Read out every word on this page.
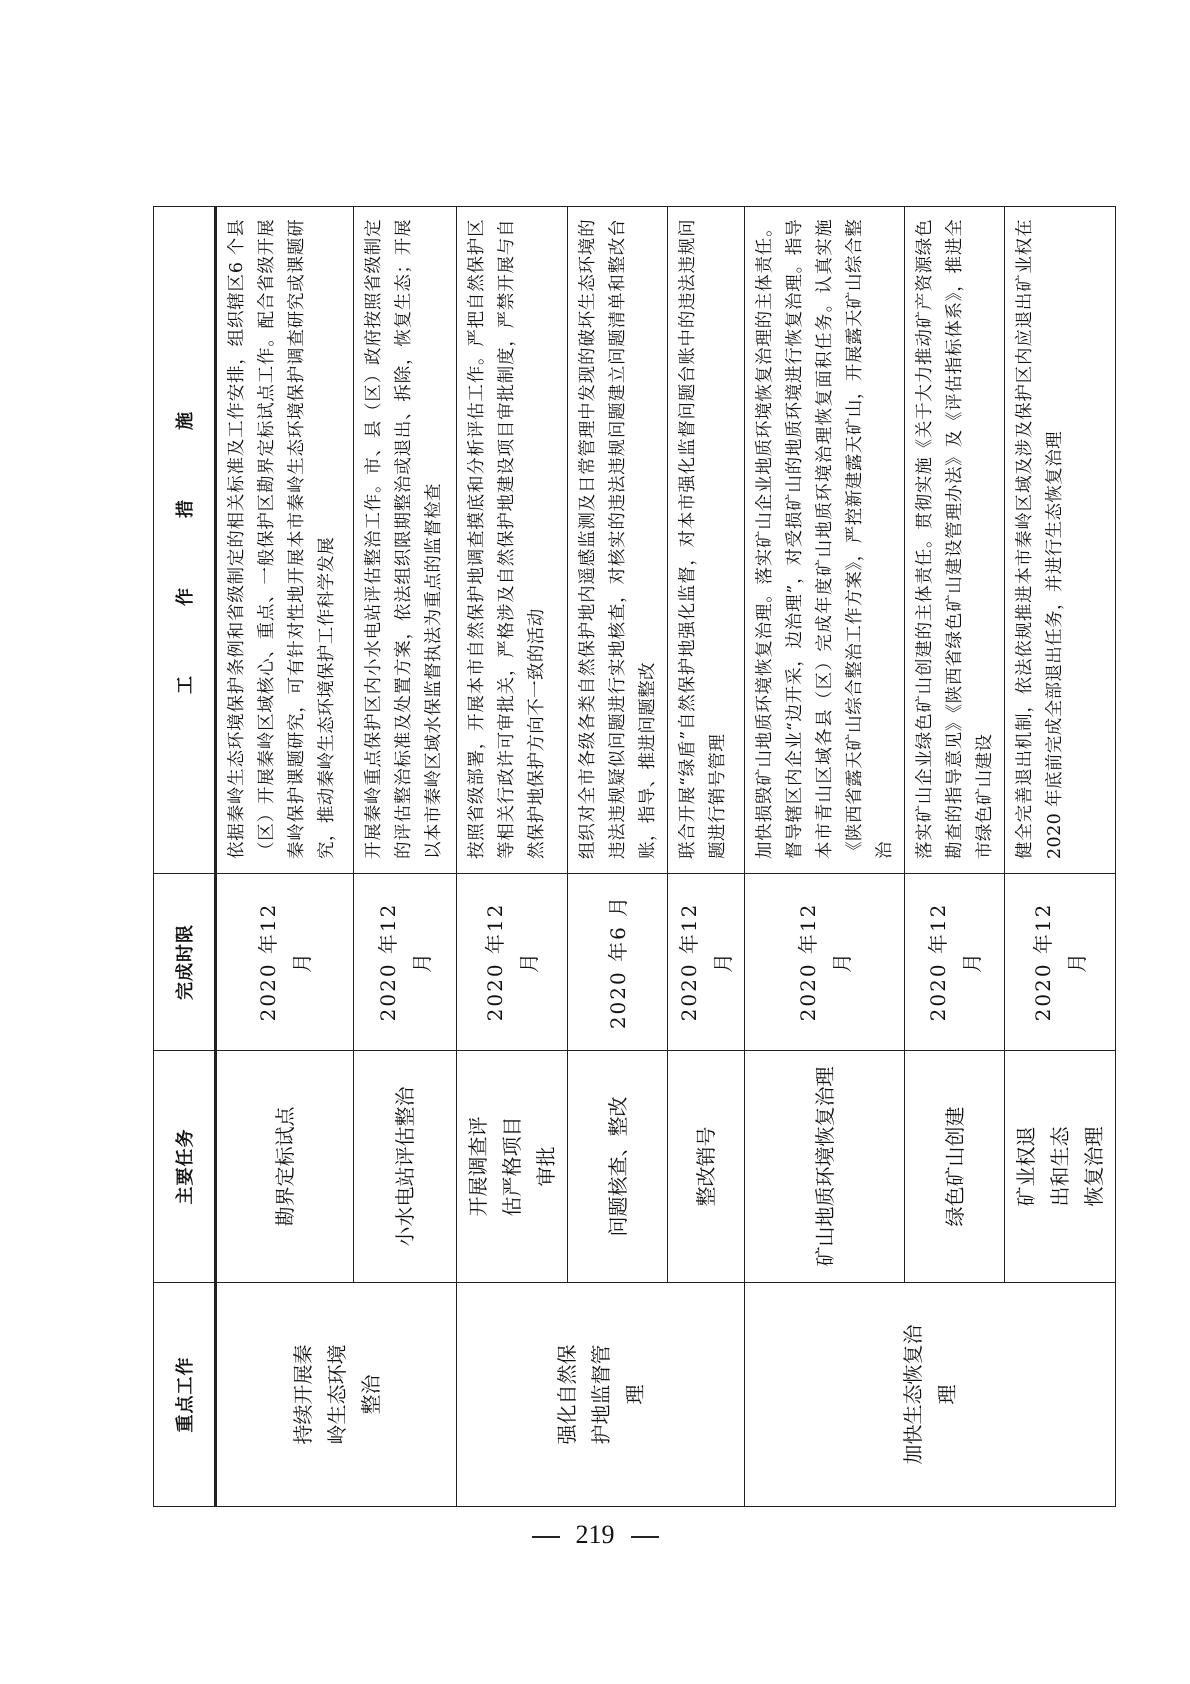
重点工作	主要任务	完成时限	工　作　措　施
持续开展秦岭生态环境整治	勘界定标试点	2020 年12 月	依据秦岭生态环境保护条例和省级制定的相关标准及工作安排，组织辖区6 个县（区）开展秦岭区域核心、重点、一般保护区勘界定标试点工作。配合省级开展秦岭保护课题研究，可有针对性地开展本市秦岭生态环境保护调查研究或课题研究，推动秦岭生态环境保护工作科学发展
	小水电站评估整治	2020 年12 月	开展秦岭重点保护区内小水电站评估整治工作。市、县（区）政府按照省级制定的评估整治标准及处置方案，依法组织限期整治或退出、拆除，恢复生态；开展以本市秦岭区域水保监督执法为重点的监督检查
强化自然保护地监督管理	开展调查评估严格项目审批	2020 年12 月	按照省级部署，开展本市自然保护地调查摸底和分析评估工作。严把自然保护区等相关行政许可审批关，严格涉及自然保护地建设项目审批制度，严禁开展与自然保护地保护方向不一致的活动
	问题核查、整改	2020 年6 月	组织对全市各级各类自然保护地内遥感监测及日常管理中发现的破坏生态环境的违法违规疑似问题进行实地核查，对核实的违法违规问题建立问题清单和整改台账，指导、推进问题整改
	整改销号	2020 年12 月	联合开展“绿盾”自然保护地强化监督，对本市强化监督问题台账中的违法违规问题进行销号管理
加快生态恢复治理	矿山地质环境恢复治理	2020 年12 月	加快损毁矿山地质环境恢复治理。落实矿山企业地质环境恢复治理的主体责任。督导辖区内企业“边开采，边治理”，对受损矿山的地质环境进行恢复治理。指导本市青山区域各县（区）完成年度矿山地质环境治理恢复面积任务。认真实施《陕西省露天矿山综合整治工作方案》，严控新建露天矿山，开展露天矿山综合整治
	绿色矿山创建	2020 年12 月	落实矿山企业绿色矿山创建的主体责任。贯彻实施《关于大力推动矿产资源绿色勘查的指导意见》《陕西省绿色矿山建设管理办法》及《评估指标体系》，推进全市绿色矿山建设
	矿业权退出和生态恢复治理	2020 年12 月	健全完善退出机制，依法依规推进本市秦岭区域及涉及保护区内应退出矿业权在2020 年底前完成全部退出任务，并进行生态恢复治理
219
